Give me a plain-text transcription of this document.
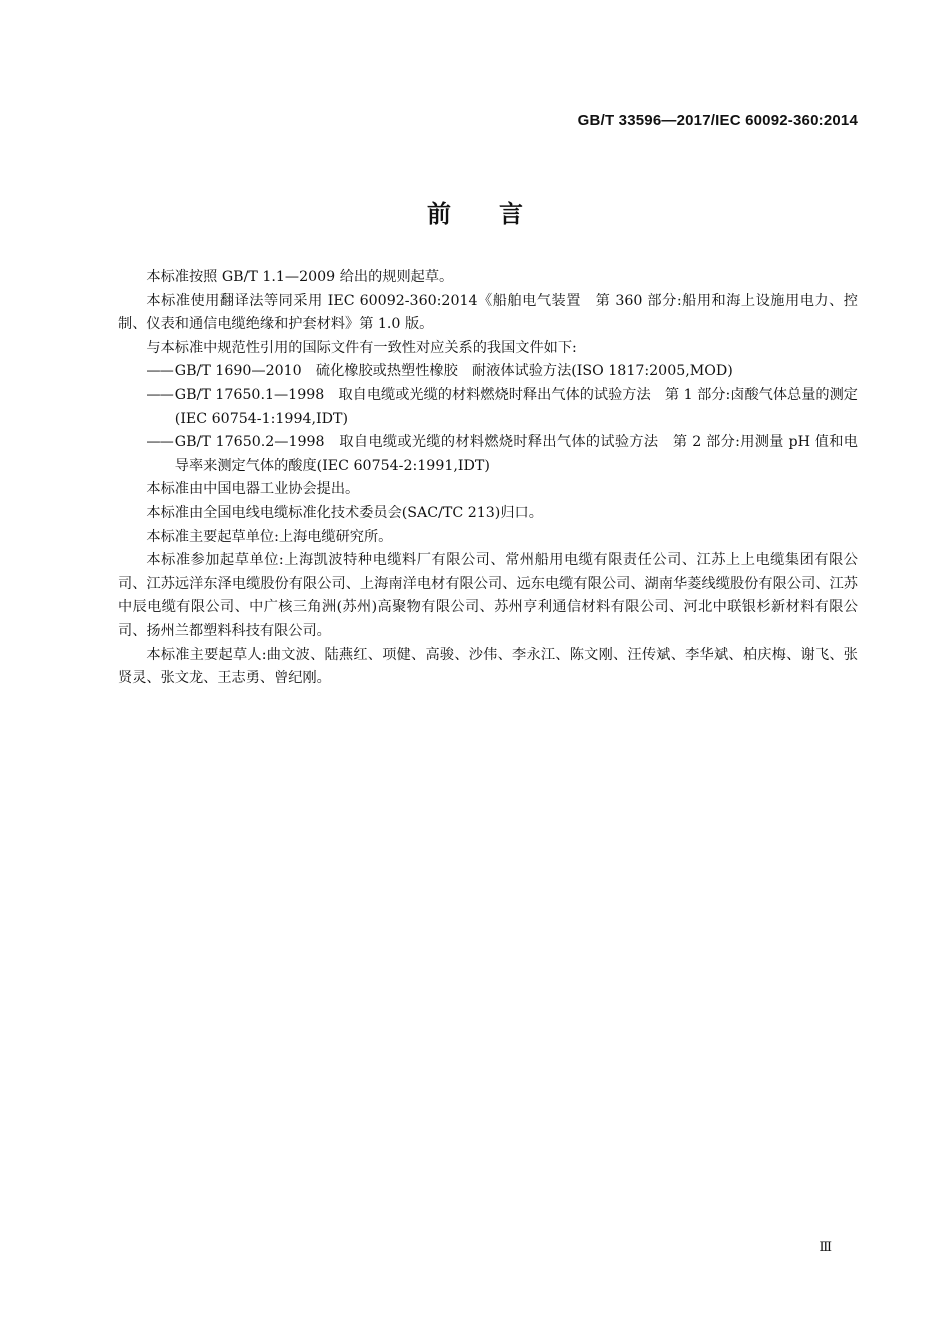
GB/T 33596—2017/IEC 60092-360:2014
前言

本标准按照 GB/T 1.1—2009 给出的规则起草。

本标准使用翻译法等同采用 IEC 60092-360:2014《船舶电气装置　第 360 部分:船用和海上设施用电力、控制、仪表和通信电缆绝缘和护套材料》第 1.0 版。

与本标准中规范性引用的国际文件有一致性对应关系的我国文件如下:

—— GB/T 1690—2010　硫化橡胶或热塑性橡胶　耐液体试验方法(ISO 1817:2005,MOD)

—— GB/T 17650.1—1998　取自电缆或光缆的材料燃烧时释出气体的试验方法　第 1 部分:卤酸气体总量的测定(IEC 60754-1:1994,IDT)

—— GB/T 17650.2—1998　取自电缆或光缆的材料燃烧时释出气体的试验方法　第 2 部分:用测量 pH 值和电导率来测定气体的酸度(IEC 60754-2:1991,IDT)

本标准由中国电器工业协会提出。

本标准由全国电线电缆标准化技术委员会(SAC/TC 213)归口。

本标准主要起草单位:上海电缆研究所。

本标准参加起草单位:上海凯波特种电缆料厂有限公司、常州船用电缆有限责任公司、江苏上上电缆集团有限公司、江苏远洋东泽电缆股份有限公司、上海南洋电材有限公司、远东电缆有限公司、湖南华菱线缆股份有限公司、江苏中辰电缆有限公司、中广核三角洲(苏州)高聚物有限公司、苏州亨利通信材料有限公司、河北中联银杉新材料有限公司、扬州兰都塑料科技有限公司。

本标准主要起草人:曲文波、陆燕红、项健、高骏、沙伟、李永江、陈文刚、汪传斌、李华斌、柏庆梅、谢飞、张贤灵、张文龙、王志勇、曾纪刚。

Ⅲ
